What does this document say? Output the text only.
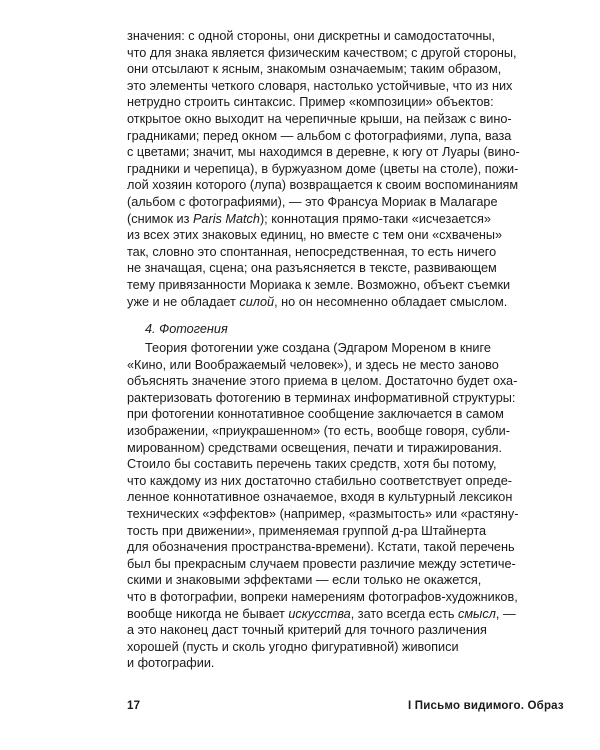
значения: с одной стороны, они дискретны и самодостаточны,
что для знака является физическим качеством; с другой стороны,
они отсылают к ясным, знакомым означаемым; таким образом,
это элементы четкого словаря, настолько устойчивые, что из них
нетрудно строить синтаксис. Пример «композиции» объектов:
открытое окно выходит на черепичные крыши, на пейзаж с вино-
градниками; перед окном — альбом с фотографиями, лупа, ваза
с цветами; значит, мы находимся в деревне, к югу от Луары (вино-
градники и черепица), в буржуазном доме (цветы на столе), пожи-
лой хозяин которого (лупа) возвращается к своим воспоминаниям
(альбом с фотографиями), — это Франсуа Мориак в Малагаре
(снимок из Paris Match); коннотация прямо-таки «исчезается»
из всех этих знаковых единиц, но вместе с тем они «схвачены»
так, словно это спонтанная, непосредственная, то есть ничего
не значащая, сцена; она разъясняется в тексте, развивающем
тему привязанности Мориака к земле. Возможно, объект съемки
уже и не обладает силой, но он несомненно обладает смыслом.
4. Фотогения
Теория фотогении уже создана (Эдгаром Мореном в книге
«Кино, или Воображаемый человек»), и здесь не место заново
объяснять значение этого приема в целом. Достаточно будет оха-
рактеризовать фотогению в терминах информативной структуры:
при фотогении коннотативное сообщение заключается в самом
изображении, «приукрашенном» (то есть, вообще говоря, субли-
мированном) средствами освещения, печати и тиражирования.
Стоило бы составить перечень таких средств, хотя бы потому,
что каждому из них достаточно стабильно соответствует опреде-
ленное коннотативное означаемое, входя в культурный лексикон
технических «эффектов» (например, «размытость» или «растяну-
тость при движении», применяемая группой д-ра Штайнерта
для обозначения пространства-времени). Кстати, такой перечень
был бы прекрасным случаем провести различие между эстетиче-
скими и знаковыми эффектами — если только не окажется,
что в фотографии, вопреки намерениям фотографов-художников,
вообще никогда не бывает искусства, зато всегда есть смысл, —
а это наконец даст точный критерий для точного различения
хорошей (пусть и сколь угодно фигуративной) живописи
и фотографии.
17	I Письмо видимого. Образ
